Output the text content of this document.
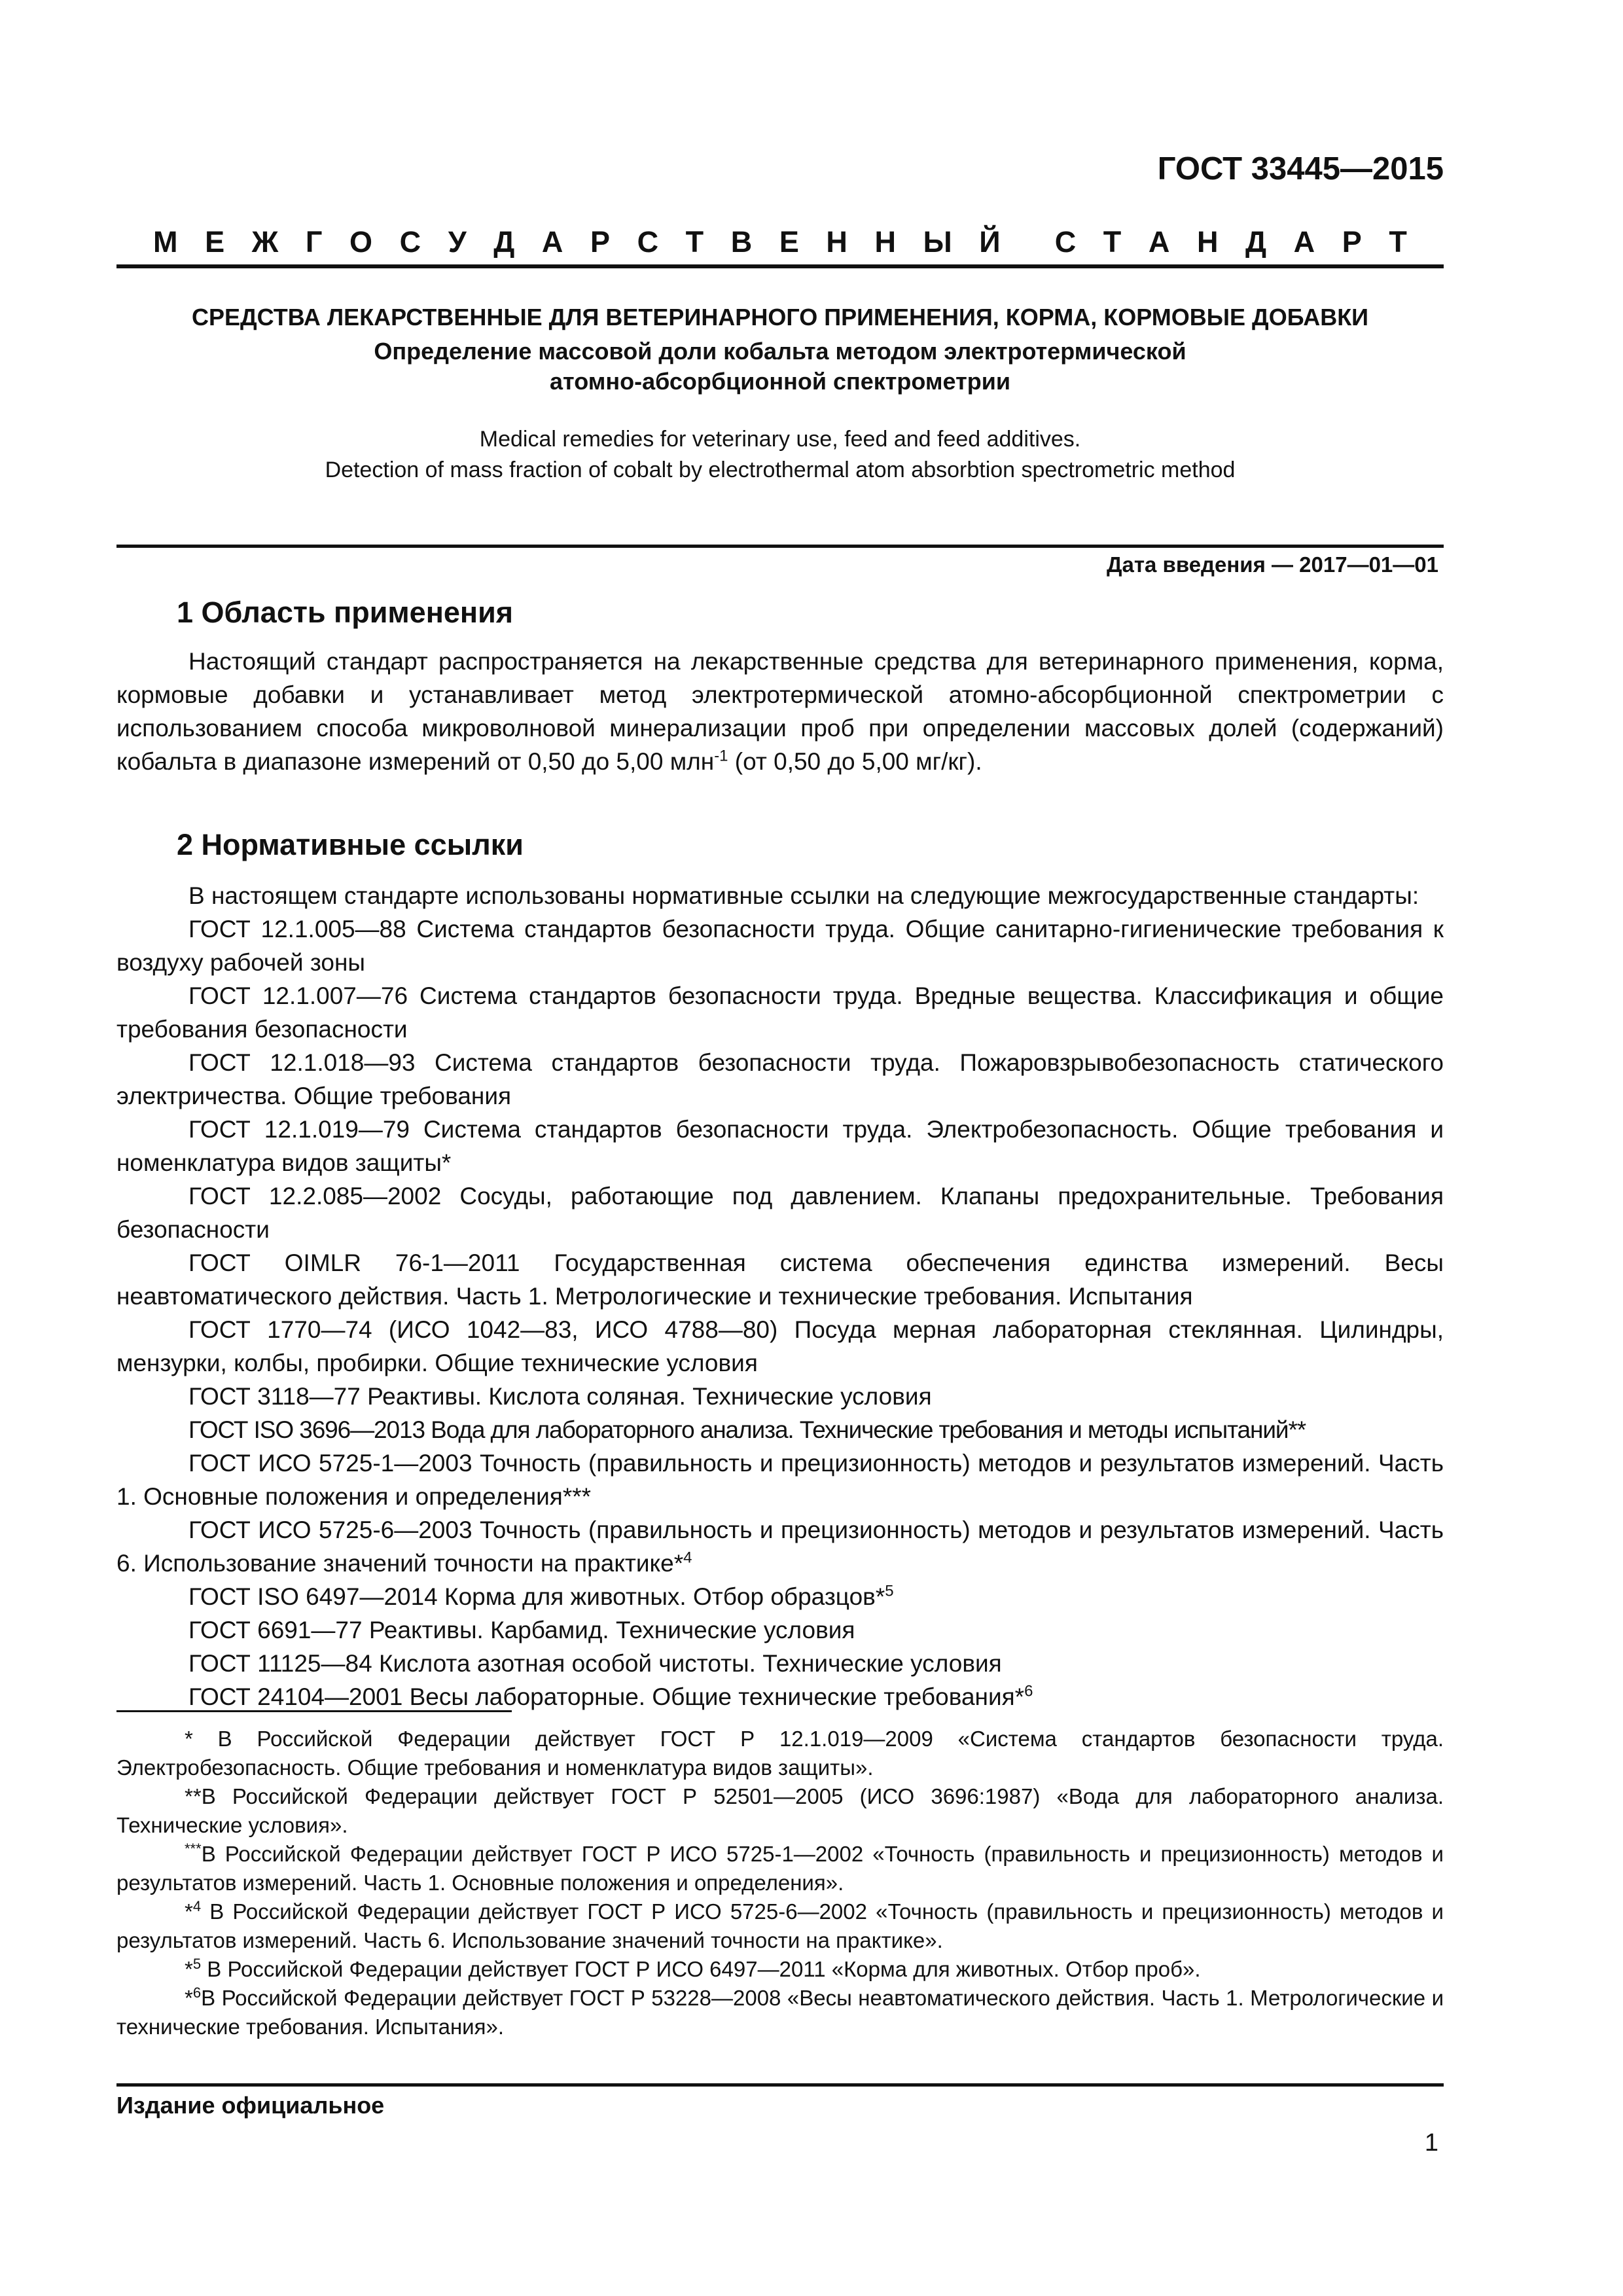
ГОСТ 33445—2015
М Е Ж Г О С У Д А Р С Т В Е Н Н Ы Й С Т А Н Д А Р Т
СРЕДСТВА ЛЕКАРСТВЕННЫЕ ДЛЯ ВЕТЕРИНАРНОГО ПРИМЕНЕНИЯ, КОРМА, КОРМОВЫЕ ДОБАВКИ
Определение массовой доли кобальта методом электротермической
атомно-абсорбционной спектрометрии
Medical remedies for veterinary use, feed and feed additives.
Detection of mass fraction of cobalt by electrothermal atom absorbtion spectrometric method
Дата введения — 2017—01—01
1 Область применения

Настоящий стандарт распространяется на лекарственные средства для ветеринарного применения, корма, кормовые добавки и устанавливает метод электротермической атомно-абсорбционной спектрометрии с использованием способа микроволновой минерализации проб при определении массовых долей (содержаний) кобальта в диапазоне измерений от 0,50 до 5,00 млн$^{-1}$ (от 0,50 до 5,00 мг/кг).

2 Нормативные ссылки

В настоящем стандарте использованы нормативные ссылки на следующие межгосударственные стандарты:

ГОСТ 12.1.005—88 Система стандартов безопасности труда. Общие санитарно-гигиенические требования к воздуху рабочей зоны

ГОСТ 12.1.007—76 Система стандартов безопасности труда. Вредные вещества. Классификация и общие требования безопасности

ГОСТ 12.1.018—93 Система стандартов безопасности труда. Пожаровзрывобезопасность статического электричества. Общие требования

ГОСТ 12.1.019—79 Система стандартов безопасности труда. Электробезопасность. Общие требования и номенклатура видов защиты*

ГОСТ 12.2.085—2002 Сосуды, работающие под давлением. Клапаны предохранительные. Требования безопасности

ГОСТ OIMLR 76-1—2011 Государственная система обеспечения единства измерений. Весы неавтоматического действия. Часть 1. Метрологические и технические требования. Испытания

ГОСТ 1770—74 (ИСО 1042—83, ИСО 4788—80) Посуда мерная лабораторная стеклянная. Цилиндры, мензурки, колбы, пробирки. Общие технические условия

ГОСТ 3118—77 Реактивы. Кислота соляная. Технические условия

ГОСТ ISO 3696—2013 Вода для лабораторного анализа. Технические требования и методы испытаний**

ГОСТ ИСО 5725-1—2003 Точность (правильность и прецизионность) методов и результатов измерений. Часть 1. Основные положения и определения***

ГОСТ ИСО 5725-6—2003 Точность (правильность и прецизионность) методов и результатов измерений. Часть 6. Использование значений точности на практике*$^4$

ГОСТ ISO 6497—2014 Корма для животных. Отбор образцов*$^5$

ГОСТ 6691—77 Реактивы. Карбамид. Технические условия

ГОСТ 11125—84 Кислота азотная особой чистоты. Технические условия

ГОСТ 24104—2001 Весы лабораторные. Общие технические требования*$^6$

* В Российской Федерации действует ГОСТ Р 12.1.019—2009 «Система стандартов безопасности труда. Электробезопасность. Общие требования и номенклатура видов защиты».

**В Российской Федерации действует ГОСТ Р 52501—2005 (ИСО 3696:1987) «Вода для лабораторного анализа. Технические условия».

***В Российской Федерации действует ГОСТ Р ИСО 5725-1—2002 «Точность (правильность и прецизионность) методов и результатов измерений. Часть 1. Основные положения и определения».

*$^4$ В Российской Федерации действует ГОСТ Р ИСО 5725-6—2002 «Точность (правильность и прецизионность) методов и результатов измерений. Часть 6. Использование значений точности на практике».

*$^5$ В Российской Федерации действует ГОСТ Р ИСО 6497—2011 «Корма для животных. Отбор проб».

*$^6$В Российской Федерации действует ГОСТ Р 53228—2008 «Весы неавтоматического действия. Часть 1. Метрологические и технические требования. Испытания».

Издание официальное
1
